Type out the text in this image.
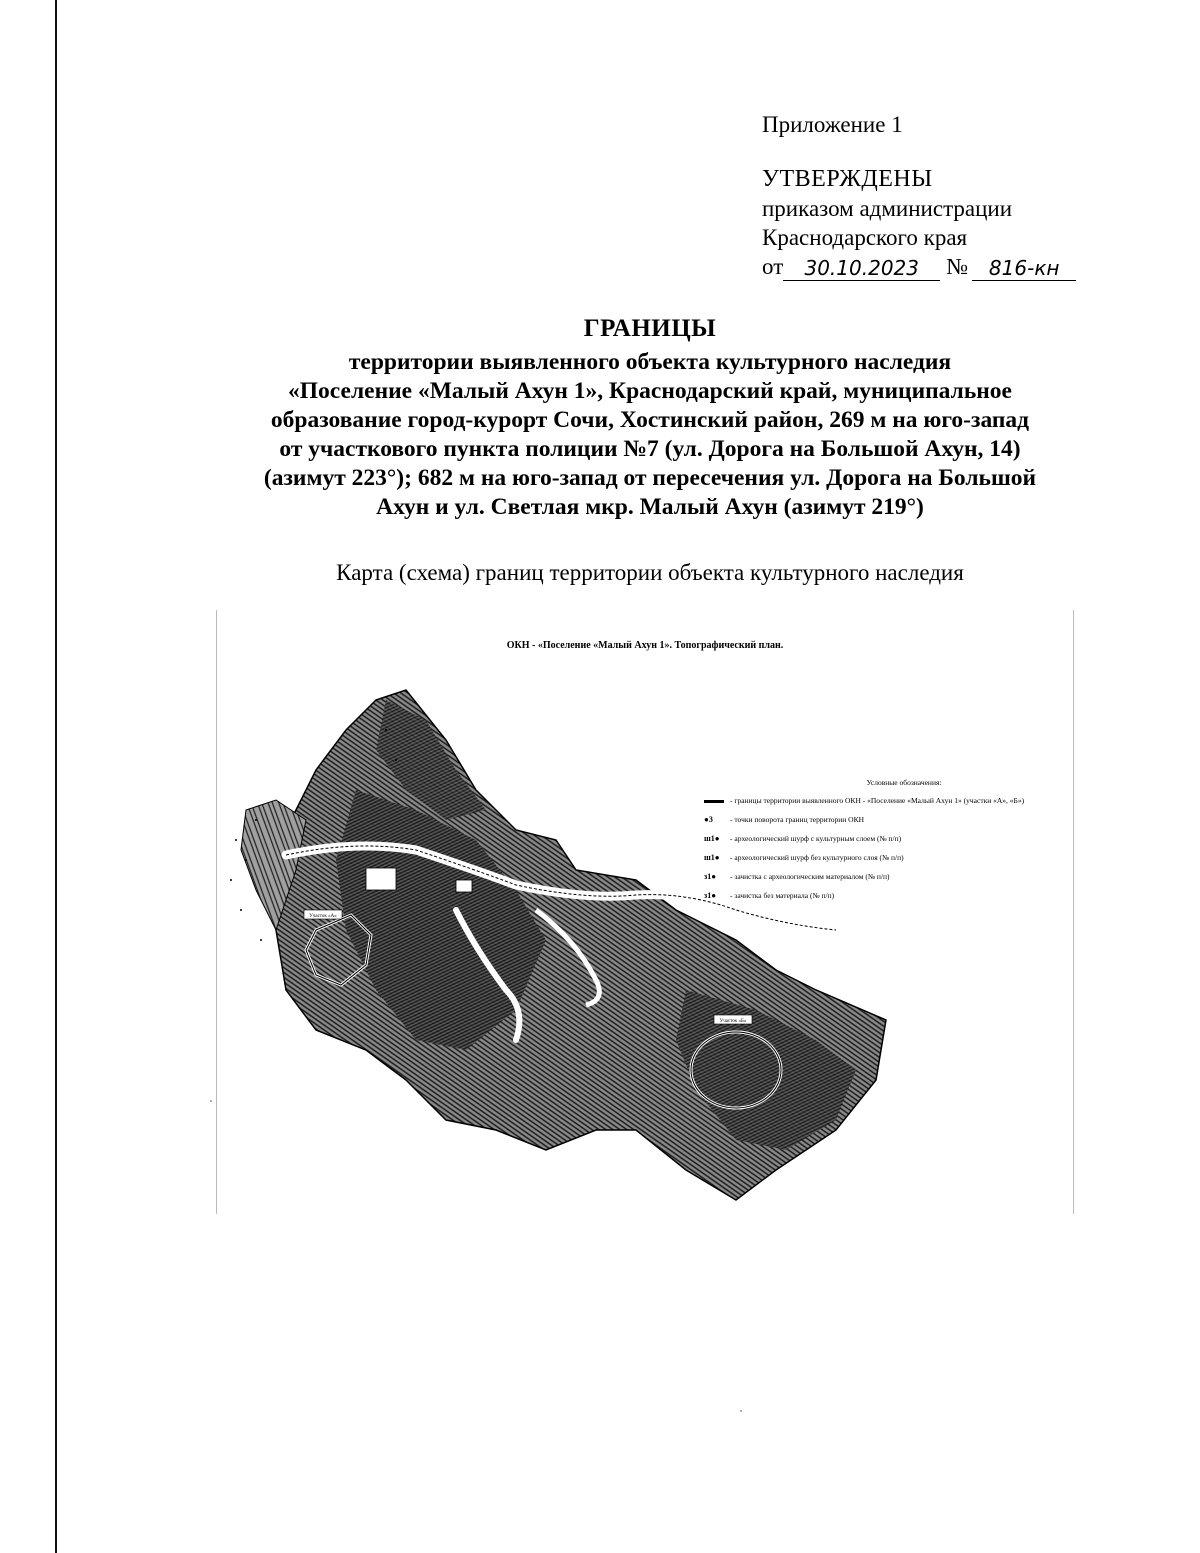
Приложение 1
УТВЕРЖДЕНЫ
приказом администрации
Краснодарского края
от	30.10.2023	№	816-кн
ГРАНИЦЫ
территории выявленного объекта культурного наследия
«Поселение «Малый Ахун 1», Краснодарский край, муниципальное
образование город-курорт Сочи, Хостинский район, 269 м на юго-запад
от участкового пункта полиции №7 (ул. Дорога на Большой Ахун, 14)
(азимут 223°); 682 м на юго-запад от пересечения ул. Дорога на Большой
Ахун и ул. Светлая мкр. Малый Ахун (азимут 219°)
Карта (схема) границ территории объекта культурного наследия
ОКН - «Поселение «Малый Ахун 1». Топографический план.
Участок «А»
Участок «Б»
Условные обозначения:
- границы территории выявленного ОКН - «Поселение «Малый Ахун 1» (участки «А», «Б»)
●3	- точки поворота границ территории ОКН
ш1●	- археологический шурф с культурным слоем (№ п/п)
ш1●	- археологический шурф без культурного слоя (№ п/п)
з1●	- зачистка с археологическим материалом (№ п/п)
з1●	- зачистка без материала (№ п/п)
